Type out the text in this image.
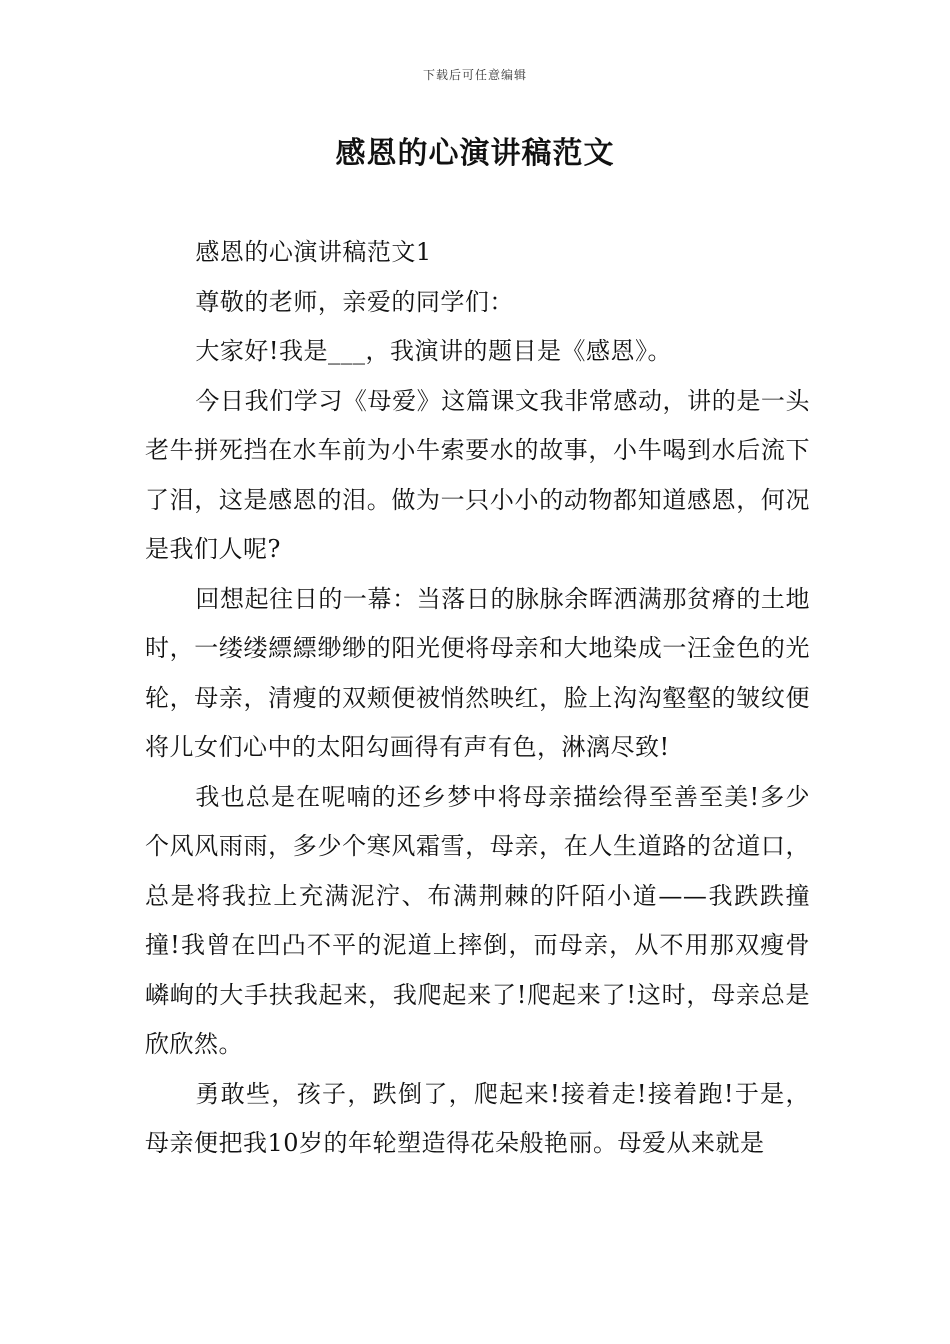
下载后可任意编辑
感恩的心演讲稿范文

感恩的心演讲稿范文1

尊敬的老师，亲爱的同学们：

大家好!我是___，我演讲的题目是《感恩》。

今日我们学习《母爱》这篇课文我非常感动，讲的是一头老牛拼死挡在水车前为小牛索要水的故事，小牛喝到水后流下了泪，这是感恩的泪。做为一只小小的动物都知道感恩，何况是我们人呢?

回想起往日的一幕：当落日的脉脉余晖洒满那贫瘠的土地时，一缕缕縹縹缈缈的阳光便将母亲和大地染成一汪金色的光轮，母亲，清瘦的双颊便被悄然映红，脸上沟沟壑壑的皱纹便将儿女们心中的太阳勾画得有声有色，淋漓尽致!

我也总是在呢喃的还乡梦中将母亲描绘得至善至美!多少个风风雨雨，多少个寒风霜雪，母亲，在人生道路的岔道口，总是将我拉上充满泥泞、布满荆棘的阡陌小道——我跌跌撞撞!我曾在凹凸不平的泥道上摔倒，而母亲，从不用那双瘦骨嶙峋的大手扶我起来，我爬起来了!爬起来了!这时，母亲总是欣欣然。

勇敢些，孩子，跌倒了，爬起来!接着走!接着跑!于是，母亲便把我10岁的年轮塑造得花朵般艳丽。母爱从来就是
